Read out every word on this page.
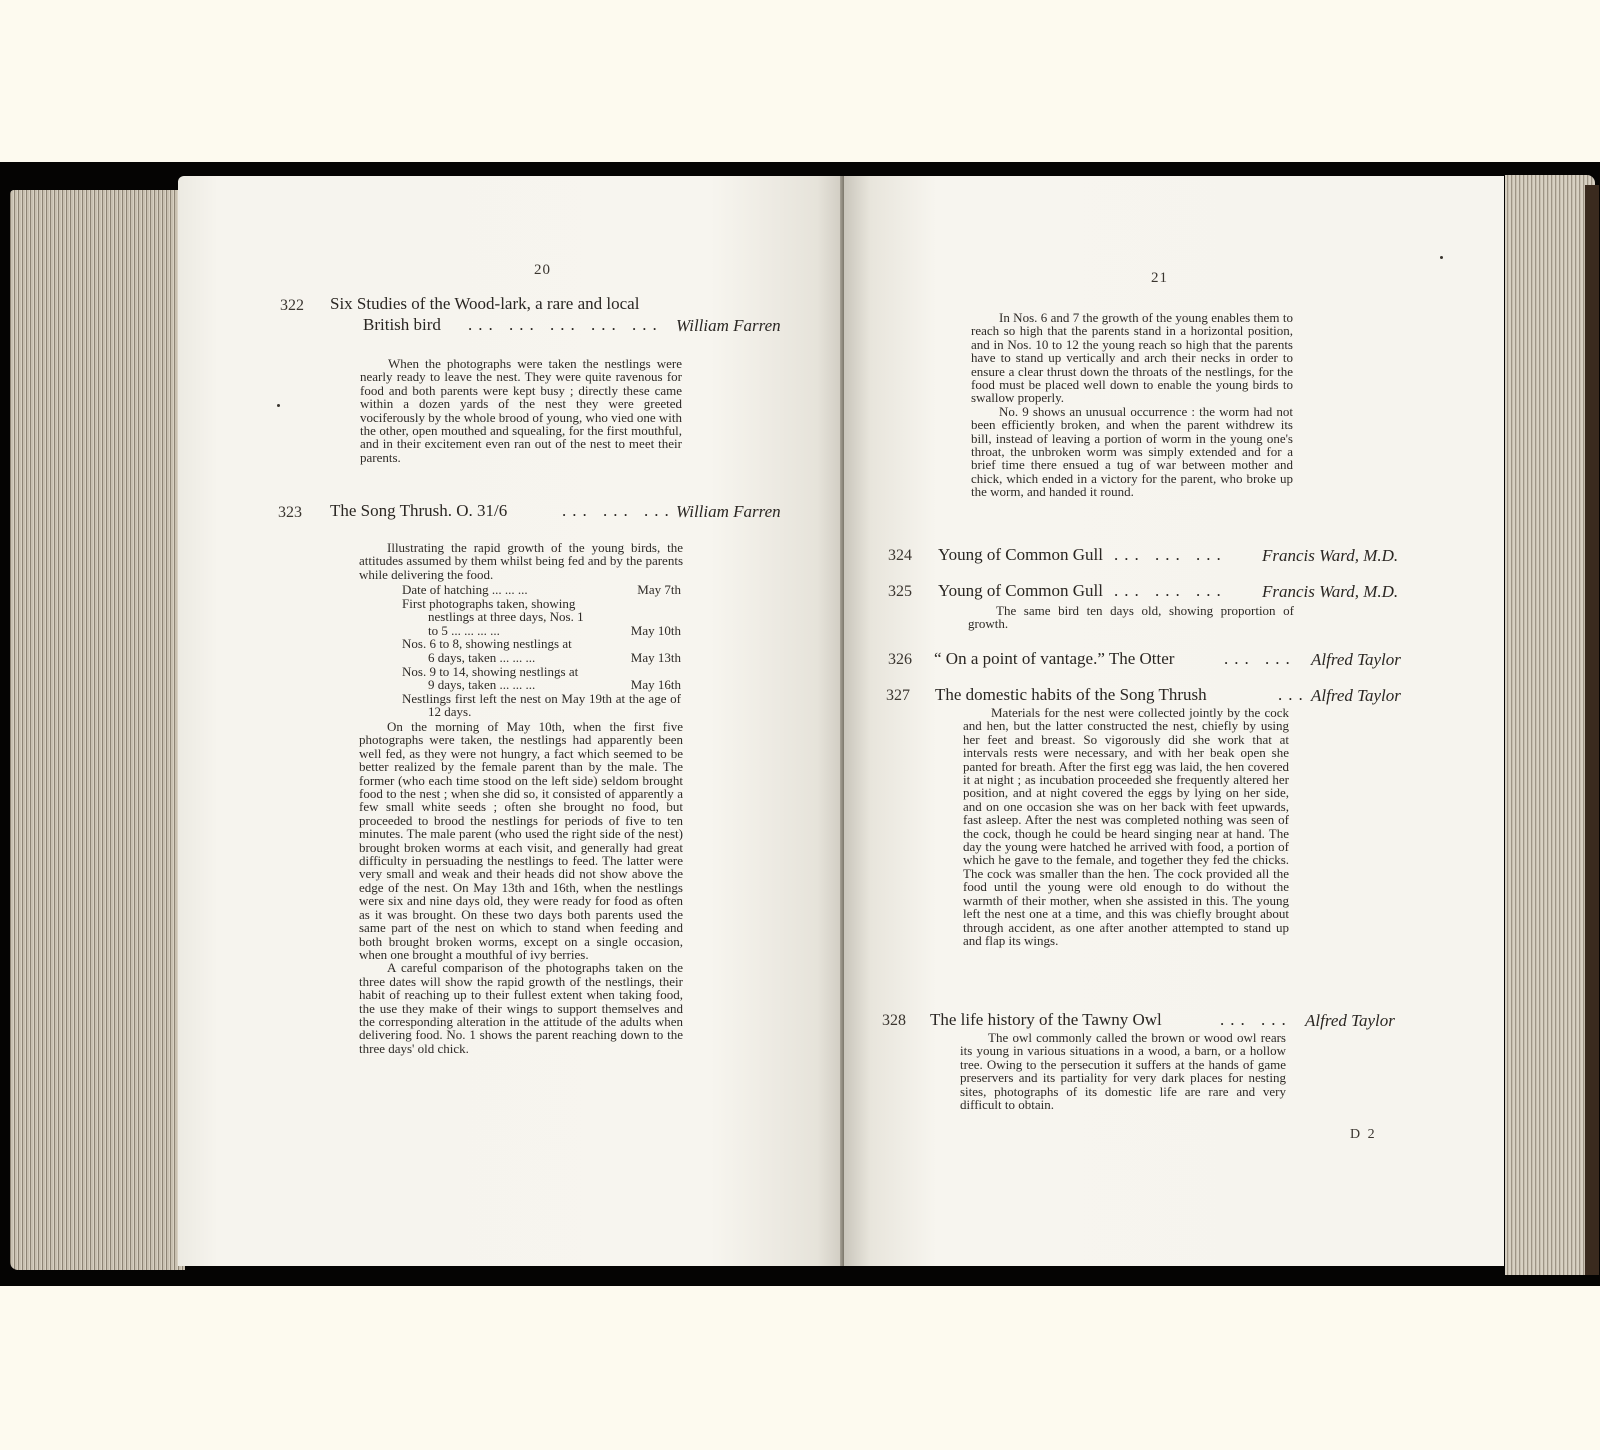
20
322 Six Studies of the Wood-lark, a rare and local
British bird ... ... ... ... ... William Farren

When the photographs were taken the nestlings were nearly ready to leave the nest. They were quite ravenous for food and both parents were kept busy ; directly these came within a dozen yards of the nest they were greeted vociferously by the whole brood of young, who vied one with the other, open mouthed and squealing, for the first mouthful, and in their excitement even ran out of the nest to meet their parents.

323 The Song Thrush. O. 31/6	... ... ... William Farren

Illustrating the rapid growth of the young birds, the attitudes assumed by them whilst being fed and by the parents while delivering the food.

Date of hatching ... ... ...	May 7th
First photographs taken, showing
nestlings at three days, Nos. 1
to 5 ... ... ... ...	May 10th
Nos. 6 to 8, showing nestlings at
6 days, taken ... ... ...	May 13th
Nos. 9 to 14, showing nestlings at
9 days, taken ... ... ...	May 16th

Nestlings first left the nest on May 19th at the age of 12 days.

On the morning of May 10th, when the first five photographs were taken, the nestlings had apparently been well fed, as they were not hungry, a fact which seemed to be better realized by the female parent than by the male. The former (who each time stood on the left side) seldom brought food to the nest ; when she did so, it consisted of apparently a few small white seeds ; often she brought no food, but proceeded to brood the nestlings for periods of five to ten minutes. The male parent (who used the right side of the nest) brought broken worms at each visit, and generally had great difficulty in persuading the nestlings to feed. The latter were very small and weak and their heads did not show above the edge of the nest. On May 13th and 16th, when the nestlings were six and nine days old, they were ready for food as often as it was brought. On these two days both parents used the same part of the nest on which to stand when feeding and both brought broken worms, except on a single occasion, when one brought a mouthful of ivy berries.

A careful comparison of the photographs taken on the three dates will show the rapid growth of the nestlings, their habit of reaching up to their fullest extent when taking food, the use they make of their wings to support themselves and the corresponding alteration in the attitude of the adults when delivering food. No. 1 shows the parent reaching down to the three days' old chick.

21

In Nos. 6 and 7 the growth of the young enables them to reach so high that the parents stand in a horizontal position, and in Nos. 10 to 12 the young reach so high that the parents have to stand up vertically and arch their necks in order to ensure a clear thrust down the throats of the nestlings, for the food must be placed well down to enable the young birds to swallow properly.

No. 9 shows an unusual occurrence : the worm had not been efficiently broken, and when the parent withdrew its bill, instead of leaving a portion of worm in the young one's throat, the unbroken worm was simply extended and for a brief time there ensued a tug of war between mother and chick, which ended in a victory for the parent, who broke up the worm, and handed it round.

324 Young of Common Gull ... ... ... Francis Ward, M.D.
325 Young of Common Gull ... ... ... Francis Ward, M.D.

The same bird ten days old, showing proportion of growth.

326 “ On a point of vantage.” The Otter	... ... Alfred Taylor
327 The domestic habits of the Song Thrush	... Alfred Taylor

Materials for the nest were collected jointly by the cock and hen, but the latter constructed the nest, chiefly by using her feet and breast. So vigorously did she work that at intervals rests were necessary, and with her beak open she panted for breath. After the first egg was laid, the hen covered it at night ; as incubation proceeded she frequently altered her position, and at night covered the eggs by lying on her side, and on one occasion she was on her back with feet upwards, fast asleep. After the nest was completed nothing was seen of the cock, though he could be heard singing near at hand. The day the young were hatched he arrived with food, a portion of which he gave to the female, and together they fed the chicks. The cock was smaller than the hen. The cock provided all the food until the young were old enough to do without the warmth of their mother, when she assisted in this. The young left the nest one at a time, and this was chiefly brought about through accident, as one after another attempted to stand up and flap its wings.

328 The life history of the Tawny Owl	... ... Alfred Taylor

The owl commonly called the brown or wood owl rears its young in various situations in a wood, a barn, or a hollow tree. Owing to the persecution it suffers at the hands of game preservers and its partiality for very dark places for nesting sites, photographs of its domestic life are rare and very difficult to obtain.

D 2
